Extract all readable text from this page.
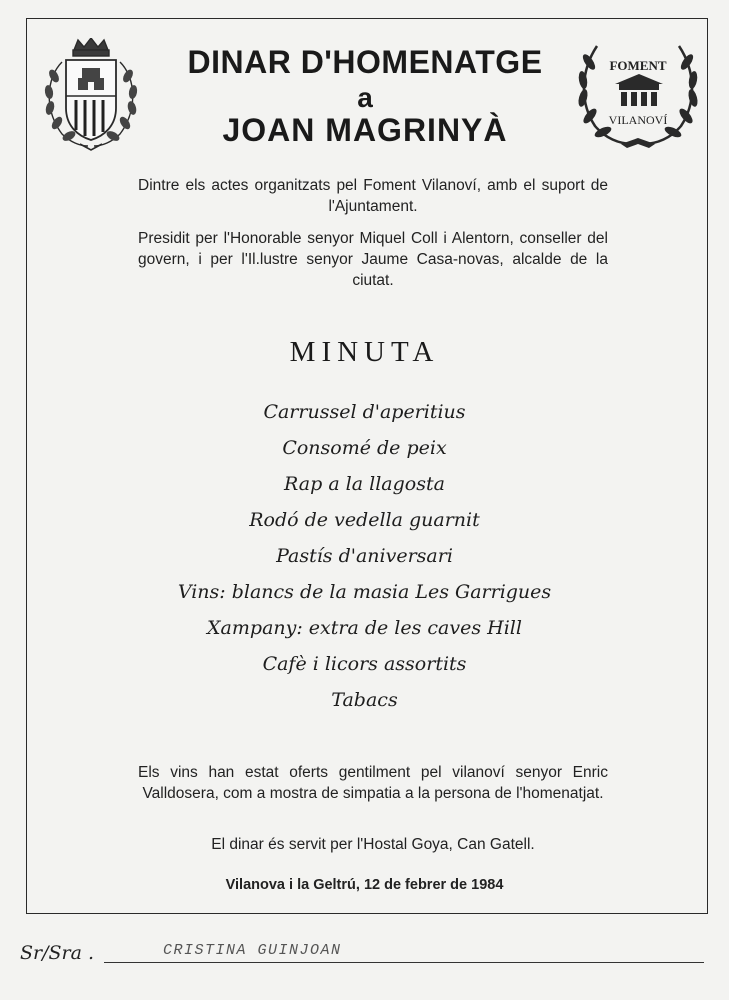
DINAR D'HOMENATGE
a
JOAN MAGRINYÀ
FOMENT
VILANOVÍ
Dintre els actes organitzats pel Foment Vilanoví, amb el suport de l'Ajuntament.
Presidit per l'Honorable senyor Miquel Coll i Alentorn, conseller del govern, i per l'Il.lustre senyor Jaume Casa-novas, alcalde de la ciutat.
MINUTA
Carrussel d'aperitius
Consomé de peix
Rap a la llagosta
Rodó de vedella guarnit
Pastís d'aniversari
Vins: blancs de la masia Les Garrigues
Xampany: extra de les caves Hill
Cafè i licors assortits
Tabacs
Els vins han estat oferts gentilment pel vilanoví senyor Enric Valldosera, com a mostra de simpatia a la persona de l'homenatjat.
El dinar és servit per l'Hostal Goya, Can Gatell.
Vilanova i la Geltrú, 12 de febrer de 1984
Sr/Sra .	CRISTINA GUINJOAN
